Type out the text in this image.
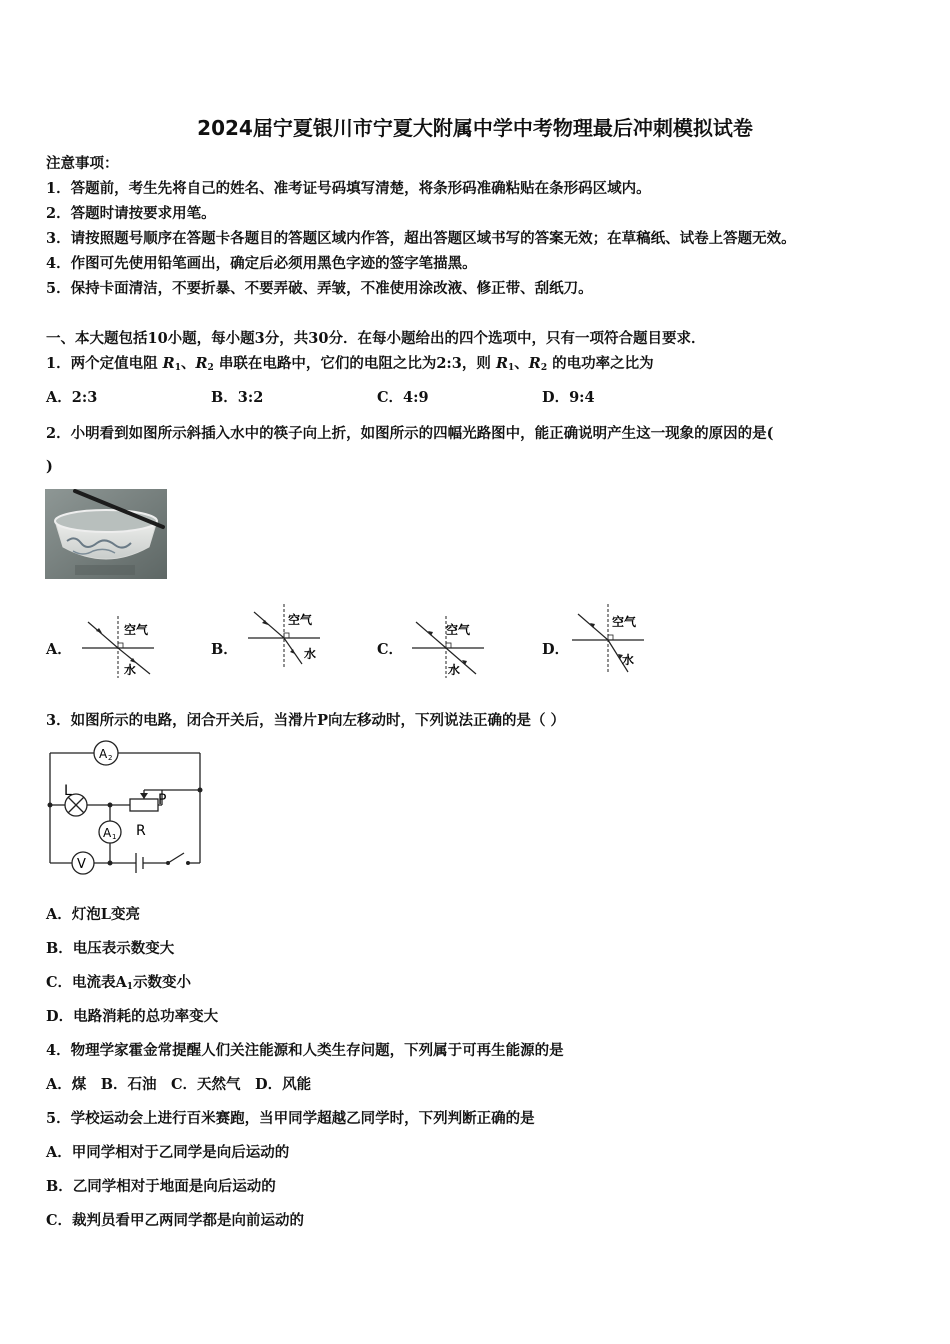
2024届宁夏银川市宁夏大附属中学中考物理最后冲刺模拟试卷
注意事项：
1．答题前，考生先将自己的姓名、准考证号码填写清楚，将条形码准确粘贴在条形码区域内。
2．答题时请按要求用笔。
3．请按照题号顺序在答题卡各题目的答题区域内作答，超出答题区域书写的答案无效；在草稿纸、试卷上答题无效。
4．作图可先使用铅笔画出，确定后必须用黑色字迹的签字笔描黑。
5．保持卡面清洁，不要折暴、不要弄破、弄皱，不准使用涂改液、修正带、刮纸刀。
一、本大题包括10小题，每小题3分，共30分．在每小题给出的四个选项中，只有一项符合题目要求．
1．两个定值电阻 $R_1$、$R_2$ 串联在电路中，它们的电阻之比为2:3，则 $R_1$、$R_2$ 的电功率之比为
A．2:3	B．3:2	C．4:9	D．9:4
2．小明看到如图所示斜插入水中的筷子向上折，如图所示的四幅光路图中，能正确说明产生这一现象的原因的是(
)
A．
空气
水
B．
空气
水	C．
空气
水
D．
空气
水
3．如图所示的电路，闭合开关后，当滑片P向左移动时，下列说法正确的是（ ）
A 2
L
P
R
A 1
V
A．灯泡L变亮
B．电压表示数变大
C．电流表$A_1$示数变小
D．电路消耗的总功率变大
4．物理学家霍金常提醒人们关注能源和人类生存问题，下列属于可再生能源的是
A．煤　B．石油　C．天然气　D．风能
5．学校运动会上进行百米赛跑，当甲同学超越乙同学时，下列判断正确的是
A．甲同学相对于乙同学是向后运动的
B．乙同学相对于地面是向后运动的
C．裁判员看甲乙两同学都是向前运动的
